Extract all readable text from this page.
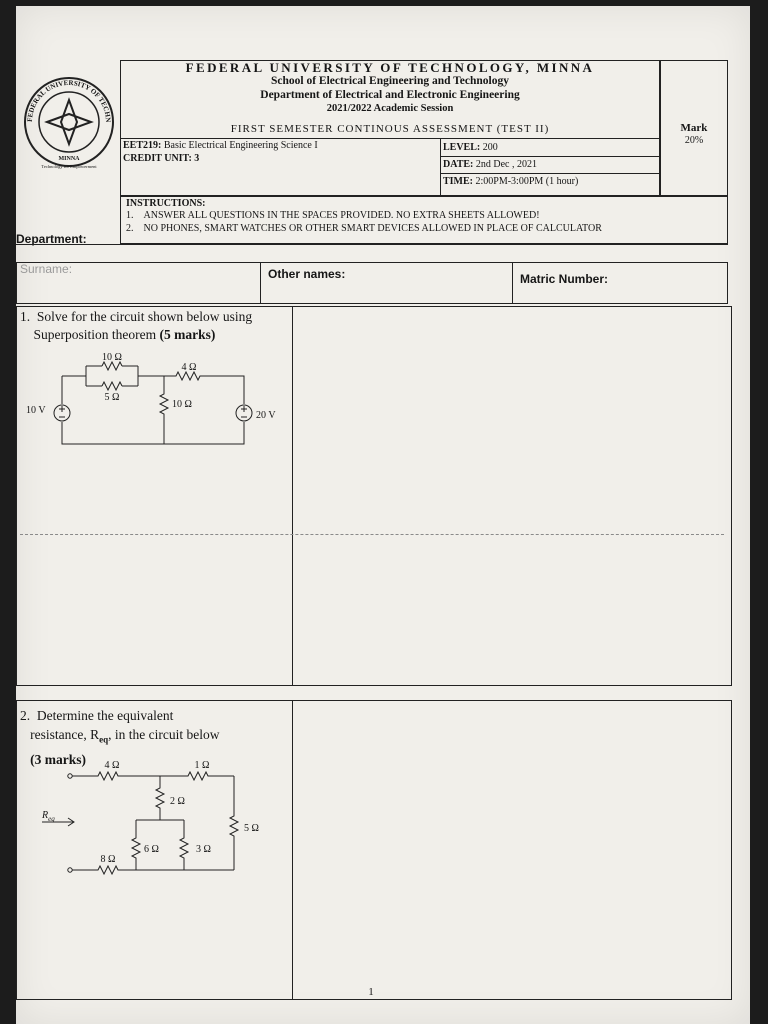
FEDERAL UNIVERSITY OF TECHN
MINNA
Technology for Empowerment
FEDERAL UNIVERSITY OF TECHNOLOGY, MINNA
School of Electrical Engineering and Technology
Department of Electrical and Electronic Engineering
2021/2022 Academic Session
FIRST SEMESTER CONTINOUS ASSESSMENT (TEST II)
EET219: Basic Electrical Engineering Science I
CREDIT UNIT: 3
LEVEL: 200
DATE: 2nd Dec , 2021
TIME: 2:00PM-3:00PM (1 hour)
Mark
20%
INSTRUCTIONS:
1. ANSWER ALL QUESTIONS IN THE SPACES PROVIDED. NO EXTRA SHEETS ALLOWED!
2. NO PHONES, SMART WATCHES OR OTHER SMART DEVICES ALLOWED IN PLACE OF CALCULATOR
Department:
Surname:	Other names:	Matric Number:
1. Solve for the circuit shown below using
Superposition theorem (5 marks)
10 Ω
5 Ω
4 Ω
10 Ω
10 V	20 V
2. Determine the equivalent
resistance, $R_{eq}$, in the circuit below
(3 marks)	4 Ω	1 Ω
2 Ω
5 Ω
6 Ω	3 Ω
8 Ω
$R_{eq}$
1
